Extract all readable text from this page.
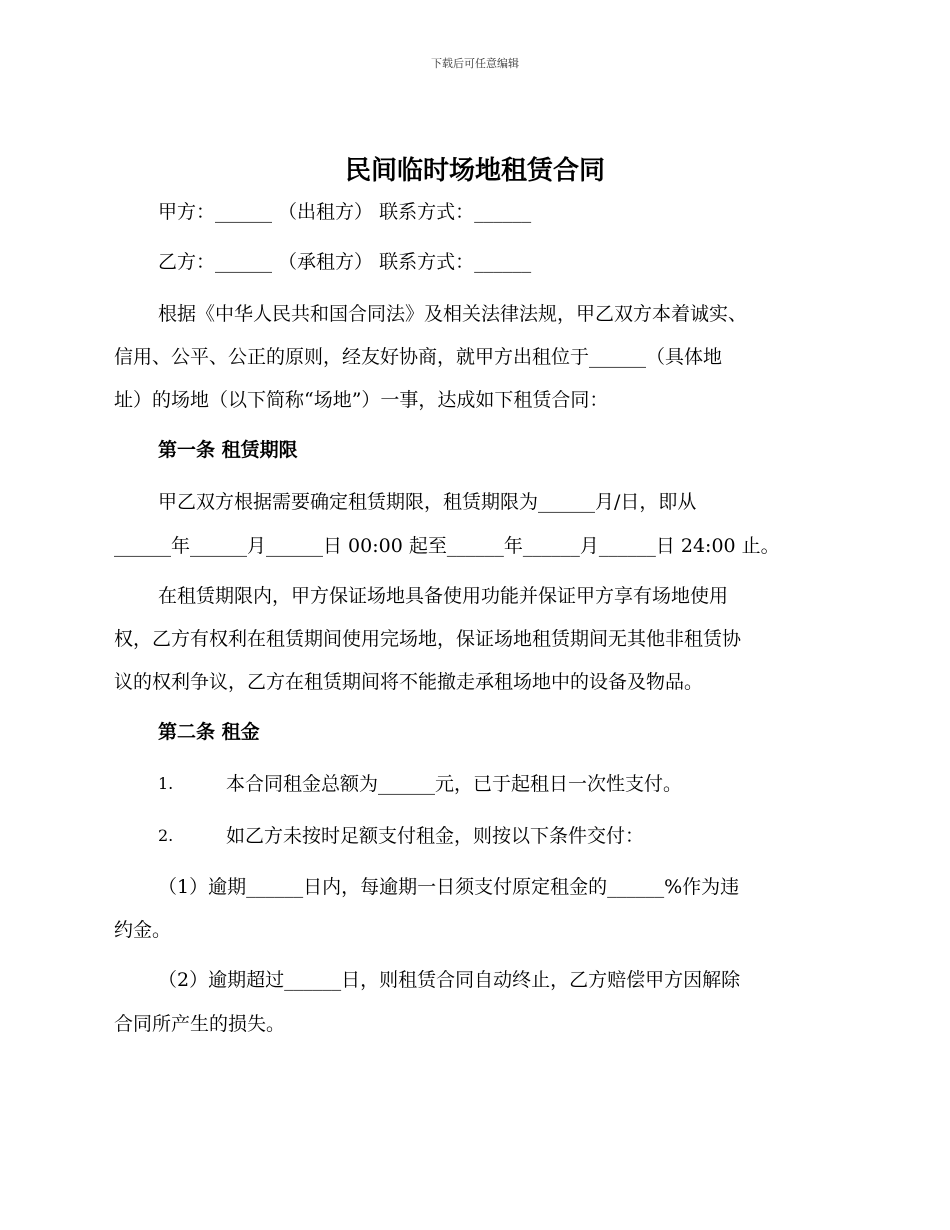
下载后可任意编辑
民间临时场地租赁合同
甲方：______ （出租方） 联系方式：______
乙方：______ （承租方） 联系方式：______
根据《中华人民共和国合同法》及相关法律法规，甲乙双方本着诚实、
信用、公平、公正的原则，经友好协商，就甲方出租位于______（具体地
址）的场地（以下简称“场地”）一事，达成如下租赁合同：
第一条 租赁期限
甲乙双方根据需要确定租赁期限，租赁期限为______月/日，即从
______年______月______日 00:00 起至______年______月______日 24:00 止。
在租赁期限内，甲方保证场地具备使用功能并保证甲方享有场地使用
权，乙方有权利在租赁期间使用完场地，保证场地租赁期间无其他非租赁协
议的权利争议，乙方在租赁期间将不能撤走承租场地中的设备及物品。
第二条 租金
1.	本合同租金总额为______元，已于起租日一次性支付。
2.	如乙方未按时足额支付租金，则按以下条件交付：
（1）逾期______日内，每逾期一日须支付原定租金的______%作为违
约金。
（2）逾期超过______日，则租赁合同自动终止，乙方赔偿甲方因解除
合同所产生的损失。
